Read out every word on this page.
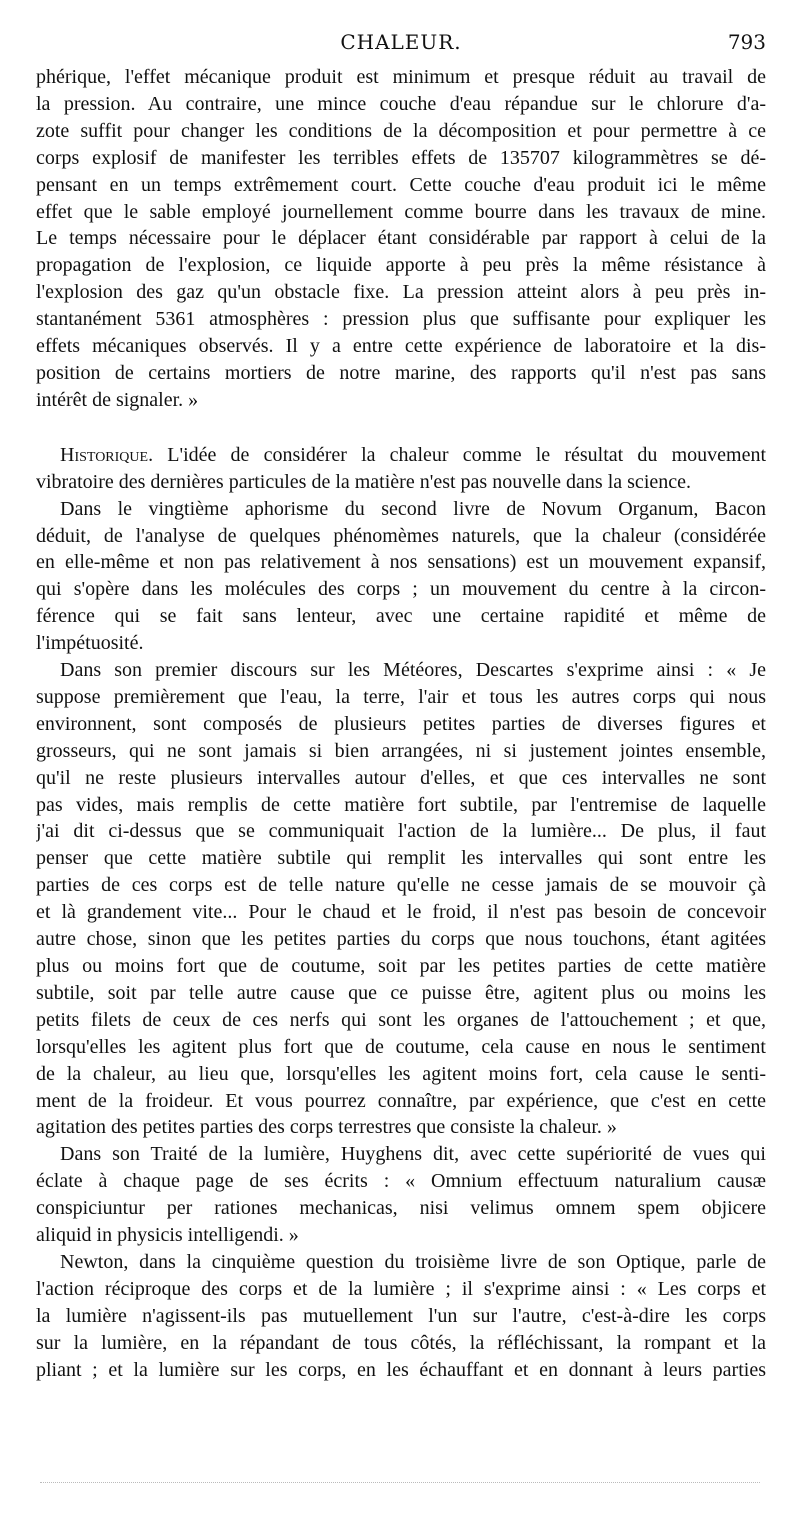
CHALEUR.	793
phérique, l'effet mécanique produit est minimum et presque réduit au travail de
la pression. Au contraire, une mince couche d'eau répandue sur le chlorure d'a-
zote suffit pour changer les conditions de la décomposition et pour permettre à ce
corps explosif de manifester les terribles effets de 135707 kilogrammètres se dé-
pensant en un temps extrêmement court. Cette couche d'eau produit ici le même
effet que le sable employé journellement comme bourre dans les travaux de mine.
Le temps nécessaire pour le déplacer étant considérable par rapport à celui de la
propagation de l'explosion, ce liquide apporte à peu près la même résistance à
l'explosion des gaz qu'un obstacle fixe. La pression atteint alors à peu près in-
stantanément 5361 atmosphères : pression plus que suffisante pour expliquer les
effets mécaniques observés. Il y a entre cette expérience de laboratoire et la dis-
position de certains mortiers de notre marine, des rapports qu'il n'est pas sans
intérêt de signaler. »
Historique. L'idée de considérer la chaleur comme le résultat du mouvement
vibratoire des dernières particules de la matière n'est pas nouvelle dans la science.
Dans le vingtième aphorisme du second livre de Novum Organum, Bacon
déduit, de l'analyse de quelques phénomèmes naturels, que la chaleur (considérée
en elle-même et non pas relativement à nos sensations) est un mouvement expansif,
qui s'opère dans les molécules des corps ; un mouvement du centre à la circon-
férence qui se fait sans lenteur, avec une certaine rapidité et même de
l'impétuosité.
Dans son premier discours sur les Météores, Descartes s'exprime ainsi : « Je
suppose premièrement que l'eau, la terre, l'air et tous les autres corps qui nous
environnent, sont composés de plusieurs petites parties de diverses figures et
grosseurs, qui ne sont jamais si bien arrangées, ni si justement jointes ensemble,
qu'il ne reste plusieurs intervalles autour d'elles, et que ces intervalles ne sont
pas vides, mais remplis de cette matière fort subtile, par l'entremise de laquelle
j'ai dit ci-dessus que se communiquait l'action de la lumière... De plus, il faut
penser que cette matière subtile qui remplit les intervalles qui sont entre les
parties de ces corps est de telle nature qu'elle ne cesse jamais de se mouvoir çà
et là grandement vite... Pour le chaud et le froid, il n'est pas besoin de concevoir
autre chose, sinon que les petites parties du corps que nous touchons, étant agitées
plus ou moins fort que de coutume, soit par les petites parties de cette matière
subtile, soit par telle autre cause que ce puisse être, agitent plus ou moins les
petits filets de ceux de ces nerfs qui sont les organes de l'attouchement ; et que,
lorsqu'elles les agitent plus fort que de coutume, cela cause en nous le sentiment
de la chaleur, au lieu que, lorsqu'elles les agitent moins fort, cela cause le senti-
ment de la froideur. Et vous pourrez connaître, par expérience, que c'est en cette
agitation des petites parties des corps terrestres que consiste la chaleur. »
Dans son Traité de la lumière, Huyghens dit, avec cette supériorité de vues qui
éclate à chaque page de ses écrits : « Omnium effectuum naturalium causæ
conspiciuntur per rationes mechanicas, nisi velimus omnem spem objicere
aliquid in physicis intelligendi. »
Newton, dans la cinquième question du troisième livre de son Optique, parle de
l'action réciproque des corps et de la lumière ; il s'exprime ainsi : « Les corps et
la lumière n'agissent-ils pas mutuellement l'un sur l'autre, c'est-à-dire les corps
sur la lumière, en la répandant de tous côtés, la réfléchissant, la rompant et la
pliant ; et la lumière sur les corps, en les échauffant et en donnant à leurs parties
